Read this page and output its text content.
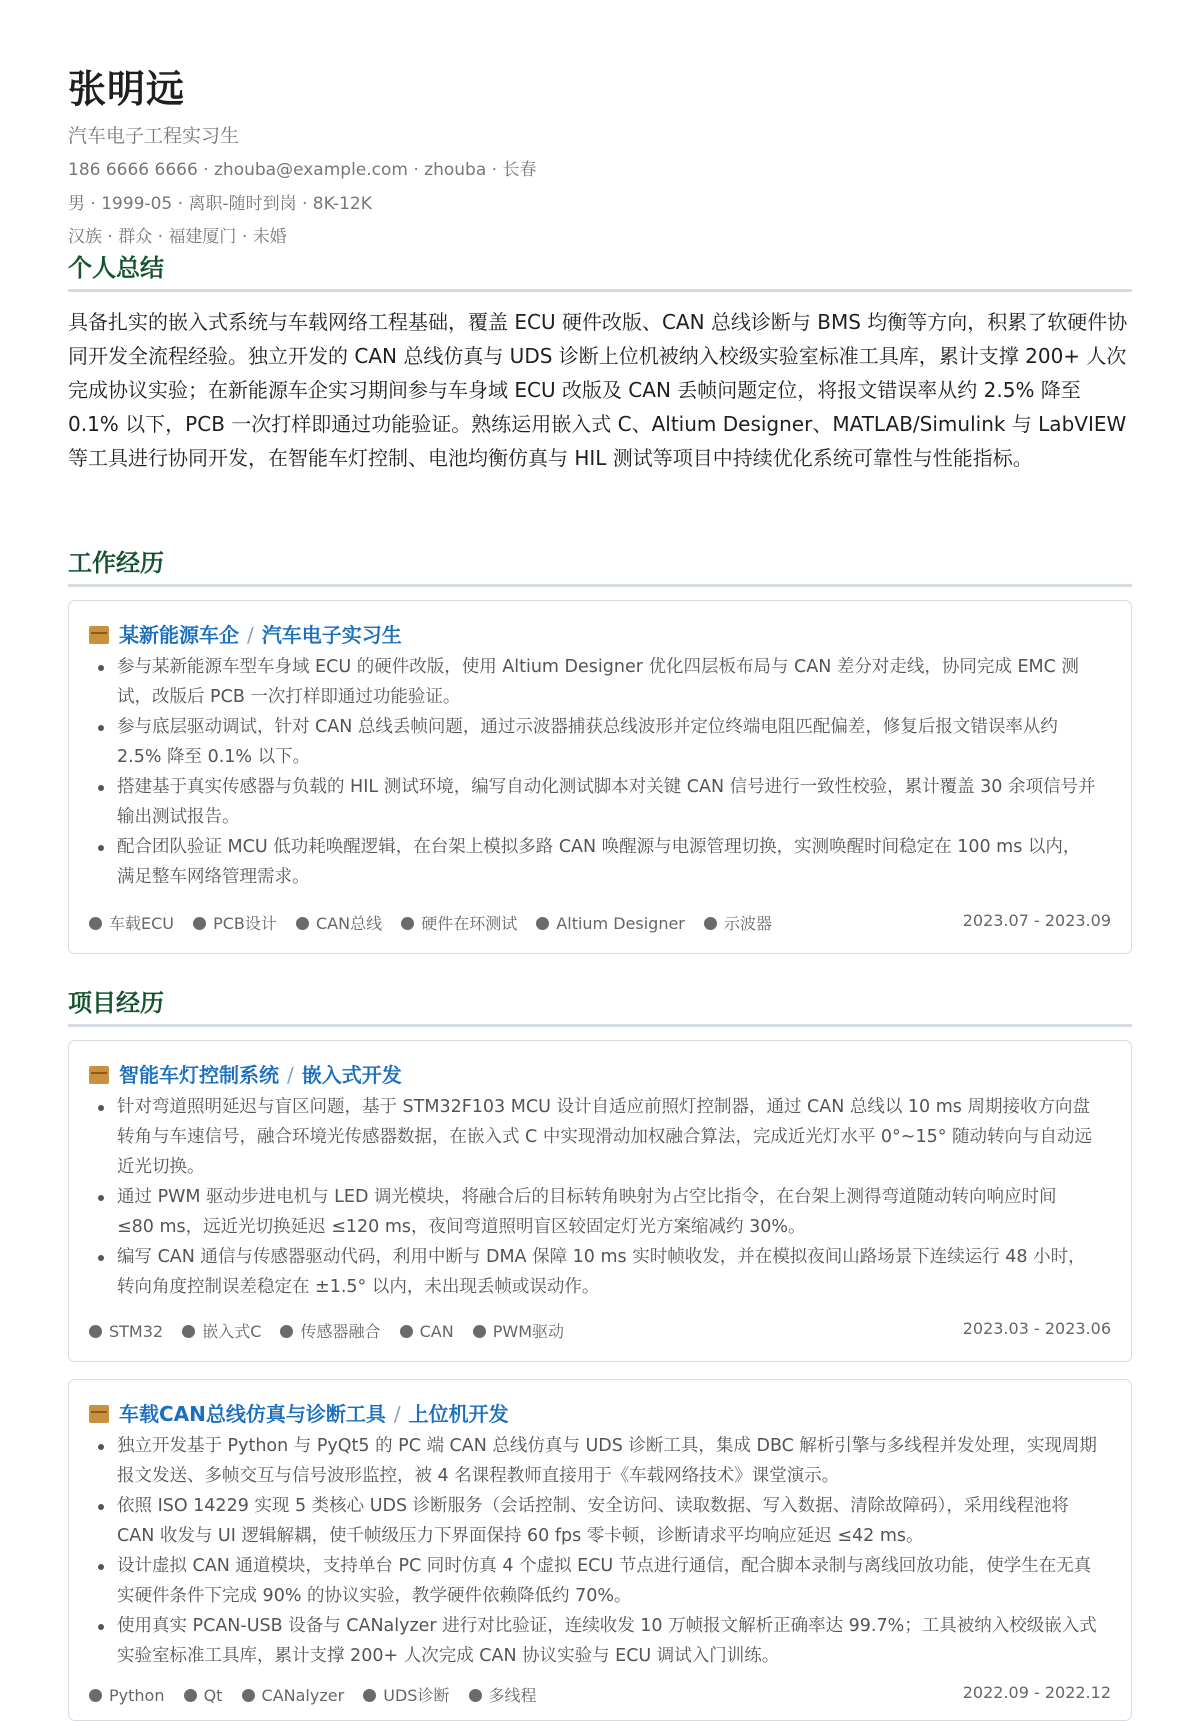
张明远
汽车电子工程实习生
186 6666 6666 · zhouba@example.com · zhouba · 长春
男 · 1999-05 · 离职-随时到岗 · 8K-12K
汉族 · 群众 · 福建厦门 · 未婚
个人总结
具备扎实的嵌入式系统与车载网络工程基础，覆盖 ECU 硬件改版、CAN 总线诊断与 BMS 均衡等方向，积累了软硬件协同开发全流程经验。独立开发的 CAN 总线仿真与 UDS 诊断上位机被纳入校级实验室标准工具库，累计支撑 200+ 人次完成协议实验；在新能源车企实习期间参与车身域 ECU 改版及 CAN 丢帧问题定位，将报文错误率从约 2.5% 降至 0.1% 以下，PCB 一次打样即通过功能验证。熟练运用嵌入式 C、Altium Designer、MATLAB/Simulink 与 LabVIEW 等工具进行协同开发，在智能车灯控制、电池均衡仿真与 HIL 测试等项目中持续优化系统可靠性与性能指标。
工作经历
某新能源车企 / 汽车电子实习生
参与某新能源车型车身域 ECU 的硬件改版，使用 Altium Designer 优化四层板布局与 CAN 差分对走线，协同完成 EMC 测试，改版后 PCB 一次打样即通过功能验证。
参与底层驱动调试，针对 CAN 总线丢帧问题，通过示波器捕获总线波形并定位终端电阻匹配偏差，修复后报文错误率从约 2.5% 降至 0.1% 以下。
搭建基于真实传感器与负载的 HIL 测试环境，编写自动化测试脚本对关键 CAN 信号进行一致性校验，累计覆盖 30 余项信号并输出测试报告。
配合团队验证 MCU 低功耗唤醒逻辑，在台架上模拟多路 CAN 唤醒源与电源管理切换，实测唤醒时间稳定在 100 ms 以内，满足整车网络管理需求。
车载ECU PCB设计 CAN总线 硬件在环测试 Altium Designer 示波器	2023.07 - 2023.09
项目经历
智能车灯控制系统 / 嵌入式开发
针对弯道照明延迟与盲区问题，基于 STM32F103 MCU 设计自适应前照灯控制器，通过 CAN 总线以 10 ms 周期接收方向盘转角与车速信号，融合环境光传感器数据，在嵌入式 C 中实现滑动加权融合算法，完成近光灯水平 0°~15° 随动转向与自动远近光切换。
通过 PWM 驱动步进电机与 LED 调光模块，将融合后的目标转角映射为占空比指令，在台架上测得弯道随动转向响应时间 ≤80 ms，远近光切换延迟 ≤120 ms，夜间弯道照明盲区较固定灯光方案缩减约 30%。
编写 CAN 通信与传感器驱动代码，利用中断与 DMA 保障 10 ms 实时帧收发，并在模拟夜间山路场景下连续运行 48 小时，转向角度控制误差稳定在 ±1.5° 以内，未出现丢帧或误动作。
STM32 嵌入式C 传感器融合 CAN PWM驱动	2023.03 - 2023.06
车载CAN总线仿真与诊断工具 / 上位机开发
独立开发基于 Python 与 PyQt5 的 PC 端 CAN 总线仿真与 UDS 诊断工具，集成 DBC 解析引擎与多线程并发处理，实现周期报文发送、多帧交互与信号波形监控，被 4 名课程教师直接用于《车载网络技术》课堂演示。
依照 ISO 14229 实现 5 类核心 UDS 诊断服务（会话控制、安全访问、读取数据、写入数据、清除故障码），采用线程池将 CAN 收发与 UI 逻辑解耦，使千帧级压力下界面保持 60 fps 零卡顿，诊断请求平均响应延迟 ≤42 ms。
设计虚拟 CAN 通道模块，支持单台 PC 同时仿真 4 个虚拟 ECU 节点进行通信，配合脚本录制与离线回放功能，使学生在无真实硬件条件下完成 90% 的协议实验，教学硬件依赖降低约 70%。
使用真实 PCAN-USB 设备与 CANalyzer 进行对比验证，连续收发 10 万帧报文解析正确率达 99.7%；工具被纳入校级嵌入式实验室标准工具库，累计支撑 200+ 人次完成 CAN 协议实验与 ECU 调试入门训练。
Python Qt CANalyzer UDS诊断 多线程	2022.09 - 2022.12
